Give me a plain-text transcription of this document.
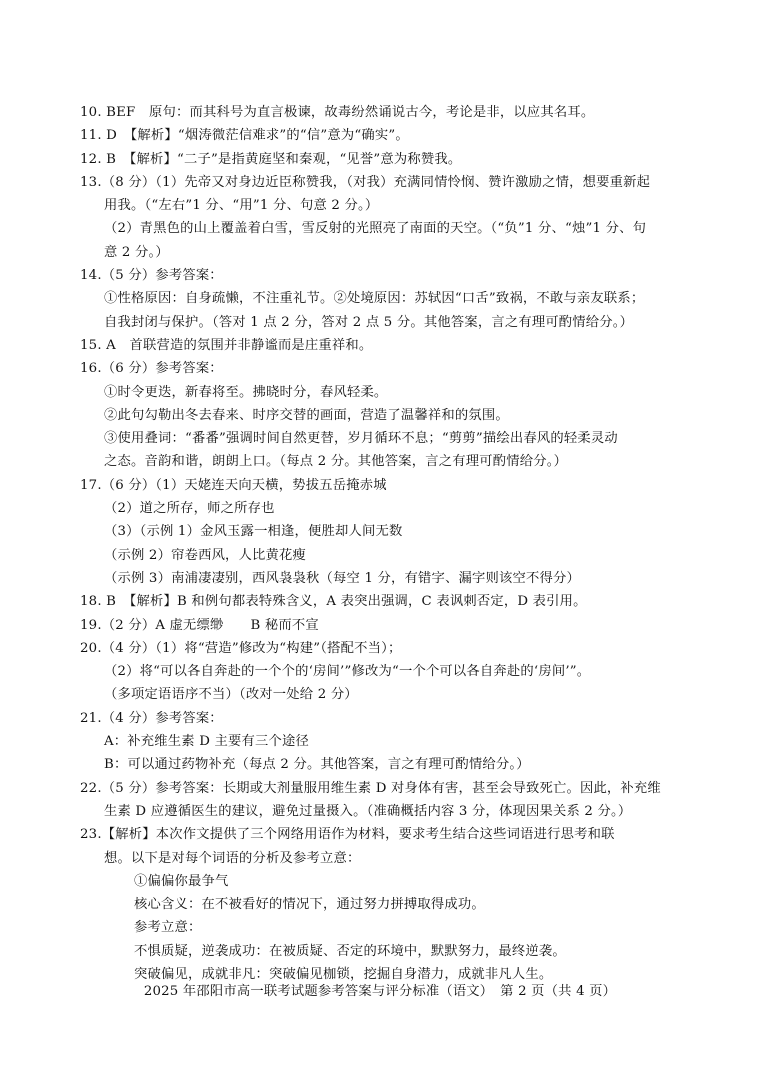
10. BEF　原句：而其科号为直言极谏，故毒纷然诵说古今，考论是非，以应其名耳。
11. D　【解析】“烟涛微茫信难求”的“信”意为“确实”。
12. B　【解析】“二子”是指黄庭坚和秦观，“见誉”意为称赞我。
13.（8 分）（1）先帝又对身边近臣称赞我，（对我）充满同情怜悯、赞许激励之情，想要重新起
用我。（“左右”1 分、“用”1 分、句意 2 分。）
（2）青黑色的山上覆盖着白雪，雪反射的光照亮了南面的天空。（“负”1 分、“烛”1 分、句
意 2 分。）
14.（5 分）参考答案：
①性格原因：自身疏懒，不注重礼节。②处境原因：苏轼因“口舌”致祸，不敢与亲友联系；
自我封闭与保护。（答对 1 点 2 分，答对 2 点 5 分。其他答案，言之有理可酌情给分。）
15. A　首联营造的氛围并非静谧而是庄重祥和。
16.（6 分）参考答案：
①时令更迭，新春将至。拂晓时分，春风轻柔。
②此句勾勒出冬去春来、时序交替的画面，营造了温馨祥和的氛围。
③使用叠词：“番番”强调时间自然更替，岁月循环不息；“剪剪”描绘出春风的轻柔灵动
之态。音韵和谐，朗朗上口。（每点 2 分。其他答案，言之有理可酌情给分。）
17.（6 分）（1）天姥连天向天横，势拔五岳掩赤城
（2）道之所存，师之所存也
（3）（示例 1）金风玉露一相逢，便胜却人间无数
（示例 2）帘卷西风，人比黄花瘦
（示例 3）南浦凄凄别，西风袅袅秋（每空 1 分，有错字、漏字则该空不得分）
18. B　【解析】B 和例句都表特殊含义，A 表突出强调，C 表讽刺否定，D 表引用。
19.（2 分）A 虚无缥缈　　B 秘而不宣
20.（4 分）（1）将“营造”修改为“构建”（搭配不当）；
（2）将“可以各自奔赴的一个个的‘房间’”修改为“一个个可以各自奔赴的‘房间’”。
（多项定语语序不当）（改对一处给 2 分）
21.（4 分）参考答案：
A：补充维生素 D 主要有三个途径
B：可以通过药物补充（每点 2 分。其他答案，言之有理可酌情给分。）
22.（5 分）参考答案：长期或大剂量服用维生素 D 对身体有害，甚至会导致死亡。因此，补充维
生素 D 应遵循医生的建议，避免过量摄入。（准确概括内容 3 分，体现因果关系 2 分。）
23.【解析】本次作文提供了三个网络用语作为材料，要求考生结合这些词语进行思考和联
想。以下是对每个词语的分析及参考立意：
①偏偏你最争气
核心含义：在不被看好的情况下，通过努力拼搏取得成功。
参考立意：
不惧质疑，逆袭成功：在被质疑、否定的环境中，默默努力，最终逆袭。
突破偏见，成就非凡：突破偏见枷锁，挖掘自身潜力，成就非凡人生。
2025 年邵阳市高一联考试题参考答案与评分标准（语文）　第 2 页（共 4 页）
